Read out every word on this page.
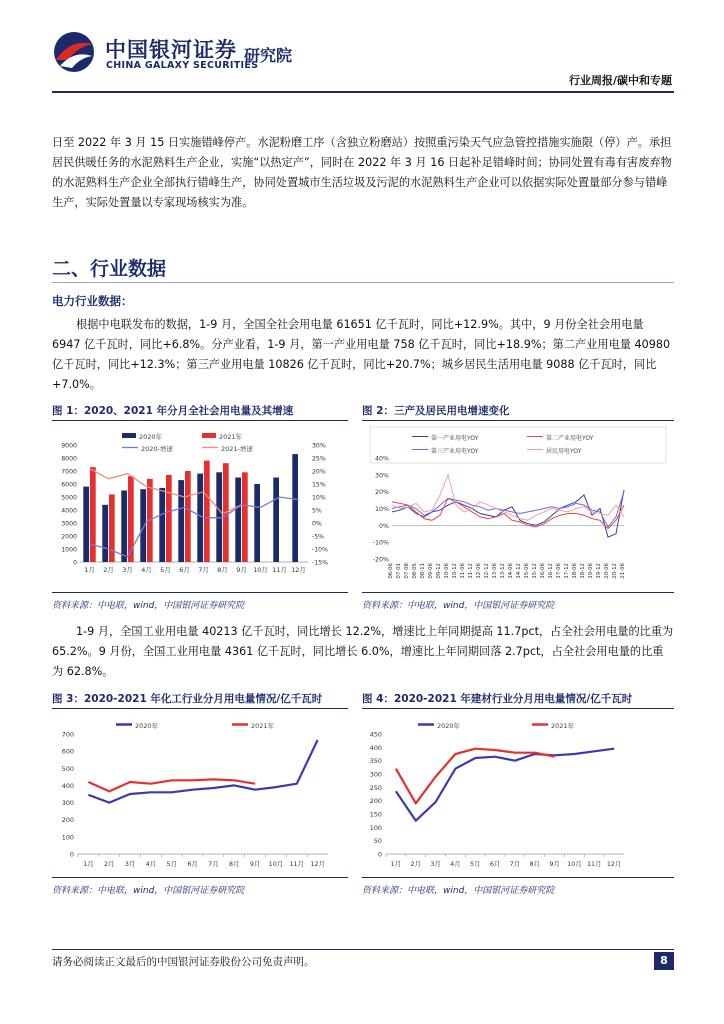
中国银河证券
CHINA GALAXY SECURITIES
研究院
行业周报/碳中和专题

日至 2022 年 3 月 15 日实施错峰停产。水泥粉磨工序（含独立粉磨站）按照重污染天气应急管控措施实施限（停）产。承担居民供暖任务的水泥熟料生产企业，实施“以热定产”，同时在 2022 年 3 月 16 日起补足错峰时间；协同处置有毒有害废弃物的水泥熟料生产企业全部执行错峰生产，协同处置城市生活垃圾及污泥的水泥熟料生产企业可以依据实际处置量部分参与错峰生产，实际处置量以专家现场核实为准。

二、行业数据
电力行业数据：

根据中电联发布的数据，1-9 月，全国全社会用电量 61651 亿千瓦时，同比+12.9%。其中，9 月份全社会用电量 6947 亿千瓦时，同比+6.8%。分产业看，1-9 月，第一产业用电量 758 亿千瓦时，同比+18.9%；第二产业用电量 40980 亿千瓦时，同比+12.3%；第三产业用电量 10826 亿千瓦时，同比+20.7%；城乡居民生活用电量 9088 亿千瓦时，同比+7.0%。

图 1：2020、2021 年分月全社会用电量及其增速
0
1000
2000
3000
4000
5000
6000
7000
8000
9000
-15%
-10%
-5%
0%
5%
10%
15%
20%
25%
30%
1月 2月 3月 4月 5月 6月 7月 8月 9月 10月 11月 12月
2020年	2021年
2020-增速	2021-增速
资料来源：中电联，wind，中国银河证券研究院
图 2：三产及居民用电增速变化
-20%
-10%
0%
10%
20%
30%
40%
06-06 07-01 07-08 08-05 08-11 09-06 09-12 10-06 10-12 11-06 11-12 12-06 12-12 13-06 13-12 14-06 14-12 15-06 15-12 16-06 16-12 17-06 17-12 18-06 18-12 19-06 19-12 20-06 20-12 21-06
第一产业用电YOY	第二产业用电YOY
第三产业用电YOY	居民用电YOY
资料来源：中电联，wind，中国银河证券研究院

1-9 月，全国工业用电量 40213 亿千瓦时，同比增长 12.2%，增速比上年同期提高 11.7pct，占全社会用电量的比重为 65.2%。9 月份，全国工业用电量 4361 亿千瓦时，同比增长 6.0%，增速比上年同期回落 2.7pct，占全社会用电量的比重为 62.8%。

图 3：2020-2021 年化工行业分月用电量情况/亿千瓦时
0
100
200
300
400
500
600
700
1月 2月 3月 4月 5月 6月 7月 8月 9月 10月 11月 12月
2020年	2021年
资料来源：中电联，wind，中国银河证券研究院
图 4：2020-2021 年建材行业分月用电量情况/亿千瓦时
0
50
100
150
200
250
300
350
400
450
1月 2月 3月 4月 5月 6月 7月 8月 9月 10月 11月 12月
2020年	2021年
资料来源：中电联，wind，中国银河证券研究院
请务必阅读正文最后的中国银河证券股份公司免责声明。	8
